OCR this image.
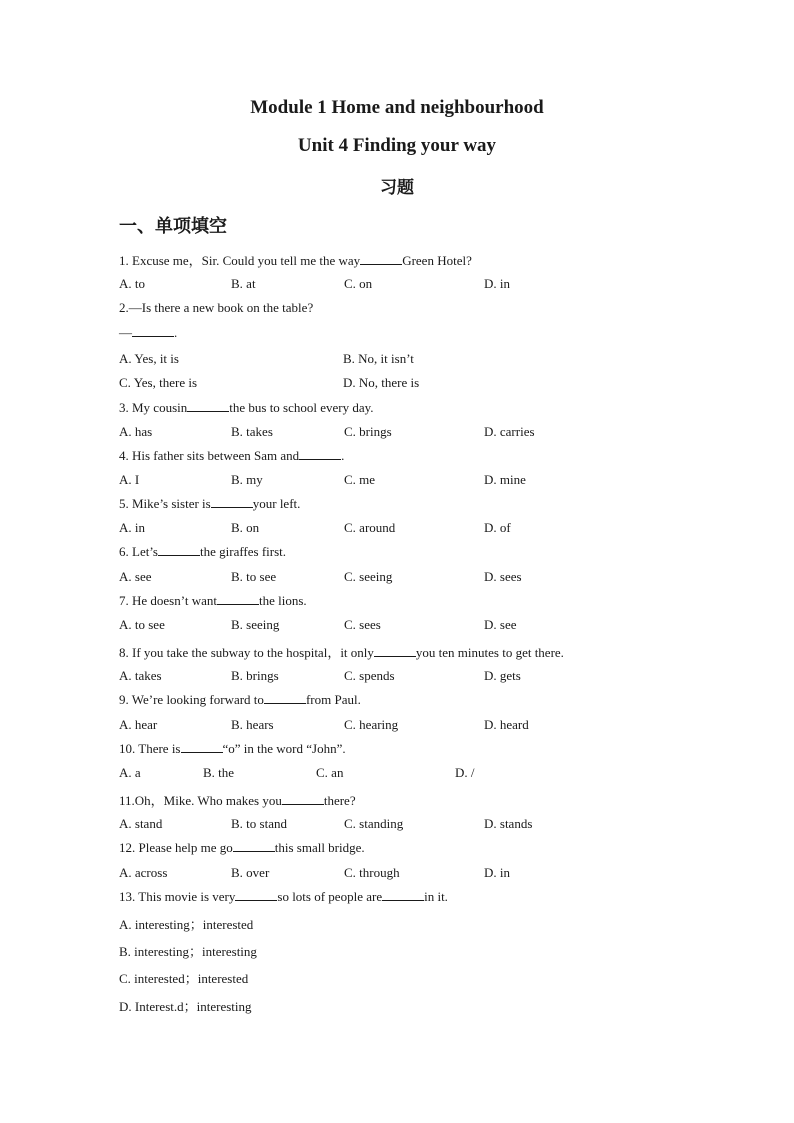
Module 1 Home and neighbourhood
Unit 4 Finding your way
习题
一、单项填空
1. Excuse me，Sir. Could you tell me the way	Green Hotel?
A. to	B. at	C. on	D. in
2.—Is there a new book on the table?
—	.
A. Yes, it is	B. No, it isn’t
C. Yes, there is	D. No, there is
3. My cousin	the bus to school every day.
A. has	B. takes	C. brings	D. carries
4. His father sits between Sam and	.
A. I	B. my	C. me	D. mine
5. Mike’s sister is	your left.
A. in	B. on	C. around	D. of
6. Let’s	the giraffes first.
A. see	B. to see	C. seeing	D. sees
7. He doesn’t want	the lions.
A. to see	B. seeing	C. sees	D. see
8. If you take the subway to the hospital，it only	you ten minutes to get there.
A. takes	B. brings	C. spends	D. gets
9. We’re looking forward to	from Paul.
A. hear	B. hears	C. hearing	D. heard
10. There is	“o” in the word “John”.
A. a	B. the	C. an	D. /
11.Oh，Mike. Who makes you	there?
A. stand	B. to stand	C. standing	D. stands
12. Please help me go	this small bridge.
A. across	B. over	C. through	D. in
13. This movie is very	so lots of people are	in it.
A. interesting；interested
B. interesting；interesting
C. interested；interested
D. Interest.d；interesting
